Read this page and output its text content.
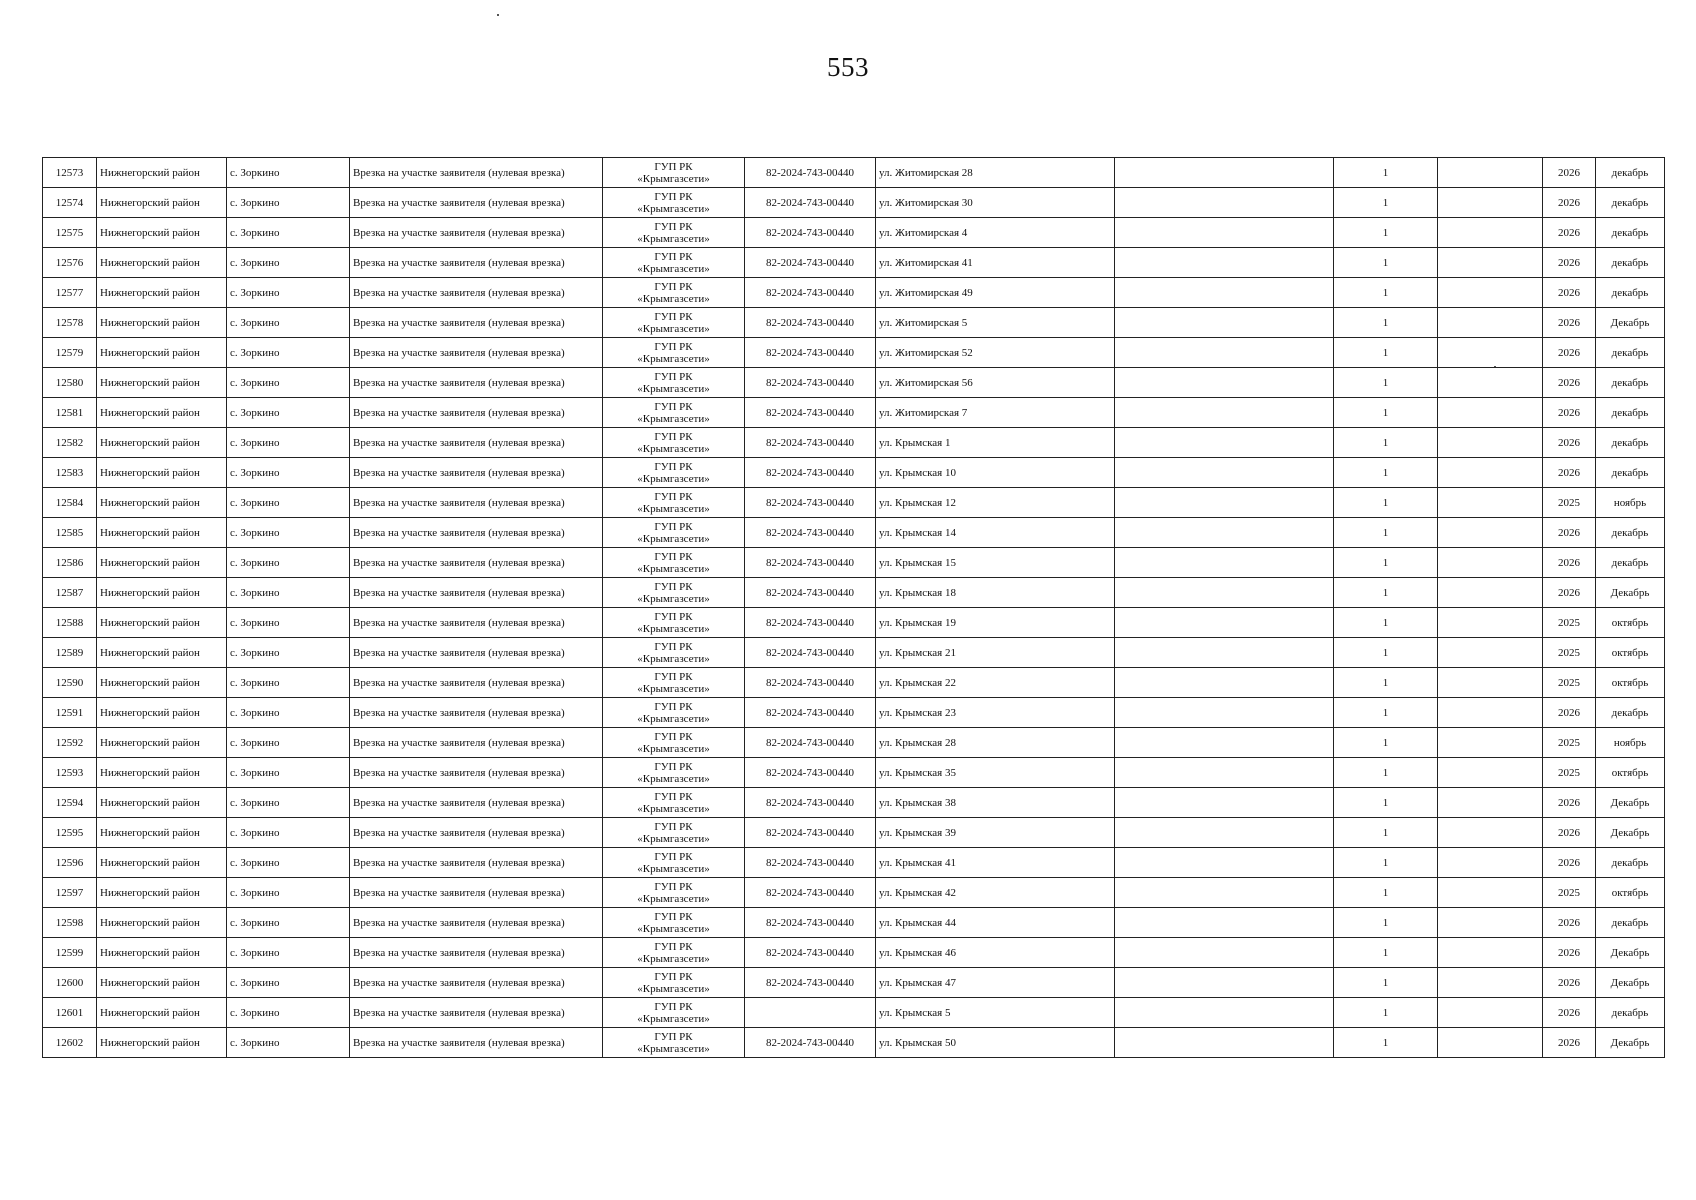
553
12573	Нижнегорский район	с. Зоркино	Врезка на участке заявителя (нулевая врезка)	ГУП РК
«Крымгазсети»	82-2024-743-00440	ул. Житомирская 28		1		2026	декабрь
12574	Нижнегорский район	с. Зоркино	Врезка на участке заявителя (нулевая врезка)	ГУП РК
«Крымгазсети»	82-2024-743-00440	ул. Житомирская 30		1		2026	декабрь
12575	Нижнегорский район	с. Зоркино	Врезка на участке заявителя (нулевая врезка)	ГУП РК
«Крымгазсети»	82-2024-743-00440	ул. Житомирская 4		1		2026	декабрь
12576	Нижнегорский район	с. Зоркино	Врезка на участке заявителя (нулевая врезка)	ГУП РК
«Крымгазсети»	82-2024-743-00440	ул. Житомирская 41		1		2026	декабрь
12577	Нижнегорский район	с. Зоркино	Врезка на участке заявителя (нулевая врезка)	ГУП РК
«Крымгазсети»	82-2024-743-00440	ул. Житомирская 49		1		2026	декабрь
12578	Нижнегорский район	с. Зоркино	Врезка на участке заявителя (нулевая врезка)	ГУП РК
«Крымгазсети»	82-2024-743-00440	ул. Житомирская 5		1		2026	Декабрь
12579	Нижнегорский район	с. Зоркино	Врезка на участке заявителя (нулевая врезка)	ГУП РК
«Крымгазсети»	82-2024-743-00440	ул. Житомирская 52		1		2026	декабрь
12580	Нижнегорский район	с. Зоркино	Врезка на участке заявителя (нулевая врезка)	ГУП РК
«Крымгазсети»	82-2024-743-00440	ул. Житомирская 56		1		2026	декабрь
12581	Нижнегорский район	с. Зоркино	Врезка на участке заявителя (нулевая врезка)	ГУП РК
«Крымгазсети»	82-2024-743-00440	ул. Житомирская 7		1		2026	декабрь
12582	Нижнегорский район	с. Зоркино	Врезка на участке заявителя (нулевая врезка)	ГУП РК
«Крымгазсети»	82-2024-743-00440	ул. Крымская 1		1		2026	декабрь
12583	Нижнегорский район	с. Зоркино	Врезка на участке заявителя (нулевая врезка)	ГУП РК
«Крымгазсети»	82-2024-743-00440	ул. Крымская 10		1		2026	декабрь
12584	Нижнегорский район	с. Зоркино	Врезка на участке заявителя (нулевая врезка)	ГУП РК
«Крымгазсети»	82-2024-743-00440	ул. Крымская 12		1		2025	ноябрь
12585	Нижнегорский район	с. Зоркино	Врезка на участке заявителя (нулевая врезка)	ГУП РК
«Крымгазсети»	82-2024-743-00440	ул. Крымская 14		1		2026	декабрь
12586	Нижнегорский район	с. Зоркино	Врезка на участке заявителя (нулевая врезка)	ГУП РК
«Крымгазсети»	82-2024-743-00440	ул. Крымская 15		1		2026	декабрь
12587	Нижнегорский район	с. Зоркино	Врезка на участке заявителя (нулевая врезка)	ГУП РК
«Крымгазсети»	82-2024-743-00440	ул. Крымская 18		1		2026	Декабрь
12588	Нижнегорский район	с. Зоркино	Врезка на участке заявителя (нулевая врезка)	ГУП РК
«Крымгазсети»	82-2024-743-00440	ул. Крымская 19		1		2025	октябрь
12589	Нижнегорский район	с. Зоркино	Врезка на участке заявителя (нулевая врезка)	ГУП РК
«Крымгазсети»	82-2024-743-00440	ул. Крымская 21		1		2025	октябрь
12590	Нижнегорский район	с. Зоркино	Врезка на участке заявителя (нулевая врезка)	ГУП РК
«Крымгазсети»	82-2024-743-00440	ул. Крымская 22		1		2025	октябрь
12591	Нижнегорский район	с. Зоркино	Врезка на участке заявителя (нулевая врезка)	ГУП РК
«Крымгазсети»	82-2024-743-00440	ул. Крымская 23		1		2026	декабрь
12592	Нижнегорский район	с. Зоркино	Врезка на участке заявителя (нулевая врезка)	ГУП РК
«Крымгазсети»	82-2024-743-00440	ул. Крымская 28		1		2025	ноябрь
12593	Нижнегорский район	с. Зоркино	Врезка на участке заявителя (нулевая врезка)	ГУП РК
«Крымгазсети»	82-2024-743-00440	ул. Крымская 35		1		2025	октябрь
12594	Нижнегорский район	с. Зоркино	Врезка на участке заявителя (нулевая врезка)	ГУП РК
«Крымгазсети»	82-2024-743-00440	ул. Крымская 38		1		2026	Декабрь
12595	Нижнегорский район	с. Зоркино	Врезка на участке заявителя (нулевая врезка)	ГУП РК
«Крымгазсети»	82-2024-743-00440	ул. Крымская 39		1		2026	Декабрь
12596	Нижнегорский район	с. Зоркино	Врезка на участке заявителя (нулевая врезка)	ГУП РК
«Крымгазсети»	82-2024-743-00440	ул. Крымская 41		1		2026	декабрь
12597	Нижнегорский район	с. Зоркино	Врезка на участке заявителя (нулевая врезка)	ГУП РК
«Крымгазсети»	82-2024-743-00440	ул. Крымская 42		1		2025	октябрь
12598	Нижнегорский район	с. Зоркино	Врезка на участке заявителя (нулевая врезка)	ГУП РК
«Крымгазсети»	82-2024-743-00440	ул. Крымская 44		1		2026	декабрь
12599	Нижнегорский район	с. Зоркино	Врезка на участке заявителя (нулевая врезка)	ГУП РК
«Крымгазсети»	82-2024-743-00440	ул. Крымская 46		1		2026	Декабрь
12600	Нижнегорский район	с. Зоркино	Врезка на участке заявителя (нулевая врезка)	ГУП РК
«Крымгазсети»	82-2024-743-00440	ул. Крымская 47		1		2026	Декабрь
12601	Нижнегорский район	с. Зоркино	Врезка на участке заявителя (нулевая врезка)	ГУП РК
«Крымгазсети»		ул. Крымская 5		1		2026	декабрь
12602	Нижнегорский район	с. Зоркино	Врезка на участке заявителя (нулевая врезка)	ГУП РК
«Крымгазсети»	82-2024-743-00440	ул. Крымская 50		1		2026	Декабрь
